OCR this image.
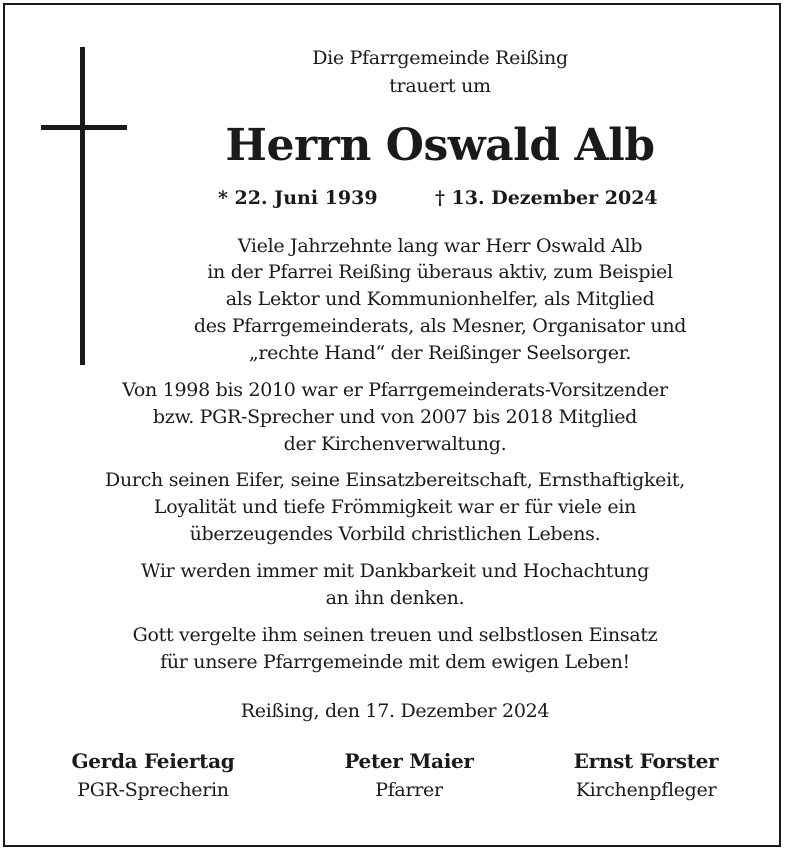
Die Pfarrgemeinde Reißing
trauert um
Herrn Oswald Alb
* 22. Juni 1939	† 13. Dezember 2024
Viele Jahrzehnte lang war Herr Oswald Alb
in der Pfarrei Reißing überaus aktiv, zum Beispiel
als Lektor und Kommunionhelfer, als Mitglied
des Pfarrgemeinderats, als Mesner, Organisator und
„rechte Hand“ der Reißinger Seelsorger.
Von 1998 bis 2010 war er Pfarrgemeinderats-Vorsitzender
bzw. PGR-Sprecher und von 2007 bis 2018 Mitglied
der Kirchenverwaltung.
Durch seinen Eifer, seine Einsatzbereitschaft, Ernsthaftigkeit,
Loyalität und tiefe Frömmigkeit war er für viele ein
überzeugendes Vorbild christlichen Lebens.
Wir werden immer mit Dankbarkeit und Hochachtung
an ihn denken.
Gott vergelte ihm seinen treuen und selbstlosen Einsatz
für unsere Pfarrgemeinde mit dem ewigen Leben!
Reißing, den 17. Dezember 2024
Gerda Feiertag
PGR-Sprecherin
Peter Maier
Pfarrer
Ernst Forster
Kirchenpfleger
